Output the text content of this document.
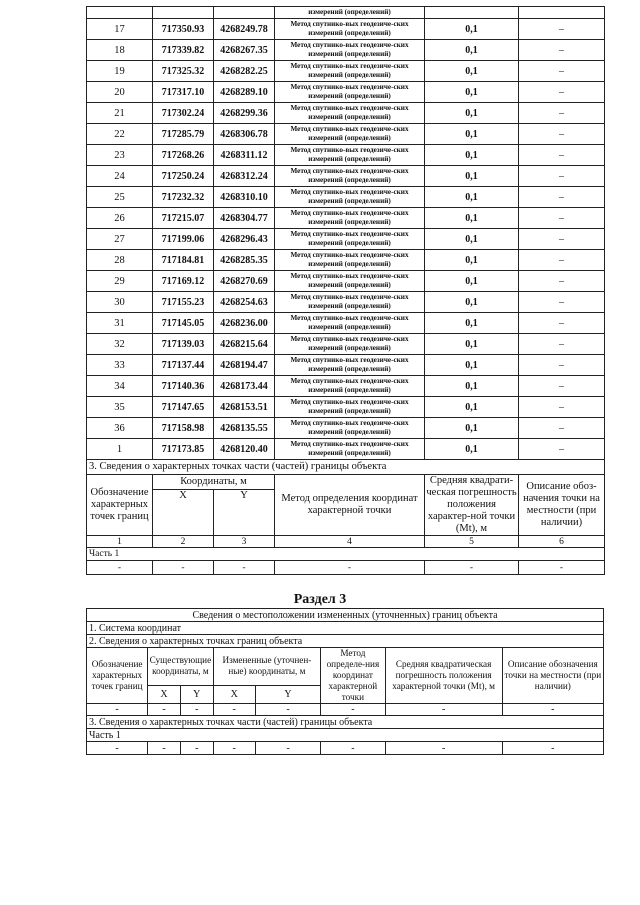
			измерений (определений)		
17	717350.93	4268249.78	Метод спутнико-вых геодезиче-ских измерений (определений)	0,1	–
18	717339.82	4268267.35	Метод спутнико-вых геодезиче-ских измерений (определений)	0,1	–
19	717325.32	4268282.25	Метод спутнико-вых геодезиче-ских измерений (определений)	0,1	–
20	717317.10	4268289.10	Метод спутнико-вых геодезиче-ских измерений (определений)	0,1	–
21	717302.24	4268299.36	Метод спутнико-вых геодезиче-ских измерений (определений)	0,1	–
22	717285.79	4268306.78	Метод спутнико-вых геодезиче-ских измерений (определений)	0,1	–
23	717268.26	4268311.12	Метод спутнико-вых геодезиче-ских измерений (определений)	0,1	–
24	717250.24	4268312.24	Метод спутнико-вых геодезиче-ских измерений (определений)	0,1	–
25	717232.32	4268310.10	Метод спутнико-вых геодезиче-ских измерений (определений)	0,1	–
26	717215.07	4268304.77	Метод спутнико-вых геодезиче-ских измерений (определений)	0,1	–
27	717199.06	4268296.43	Метод спутнико-вых геодезиче-ских измерений (определений)	0,1	–
28	717184.81	4268285.35	Метод спутнико-вых геодезиче-ских измерений (определений)	0,1	–
29	717169.12	4268270.69	Метод спутнико-вых геодезиче-ских измерений (определений)	0,1	–
30	717155.23	4268254.63	Метод спутнико-вых геодезиче-ских измерений (определений)	0,1	–
31	717145.05	4268236.00	Метод спутнико-вых геодезиче-ских измерений (определений)	0,1	–
32	717139.03	4268215.64	Метод спутнико-вых геодезиче-ских измерений (определений)	0,1	–
33	717137.44	4268194.47	Метод спутнико-вых геодезиче-ских измерений (определений)	0,1	–
34	717140.36	4268173.44	Метод спутнико-вых геодезиче-ских измерений (определений)	0,1	–
35	717147.65	4268153.51	Метод спутнико-вых геодезиче-ских измерений (определений)	0,1	–
36	717158.98	4268135.55	Метод спутнико-вых геодезиче-ских измерений (определений)	0,1	–
1	717173.85	4268120.40	Метод спутнико-вых геодезиче-ских измерений (определений)	0,1	–
3. Сведения о характерных точках части (частей) границы объекта					
Обозначение характерных точек границ	Координаты, м		Метод определения координат характерной точки	Средняя квадрати-ческая погрешность положения характер-ной точки (Mt), м	Описание обоз-начения точки на местности (при наличии)
	X	Y			
1	2	3	4	5	6
Часть 1					
-	-	-	-	-	-
Раздел 3
Сведения о местоположении измененных (уточненных) границ объекта							
1. Система координат							
2. Сведения о характерных точках границ объекта							
Обозначение характерных точек границ	Существующие координаты, м		Измененные (уточнен-ные) координаты, м		Метод определе-ния координат характерной точки	Средняя квадратическая погрешность положения характерной точки (Mt), м	Описание обозначения точки на местности (при наличии)
	X	Y	X	Y			
-	-	-	-	-	-	-	-
3. Сведения о характерных точках части (частей) границы объекта							
Часть 1							
-	-	-	-	-	-	-	-
